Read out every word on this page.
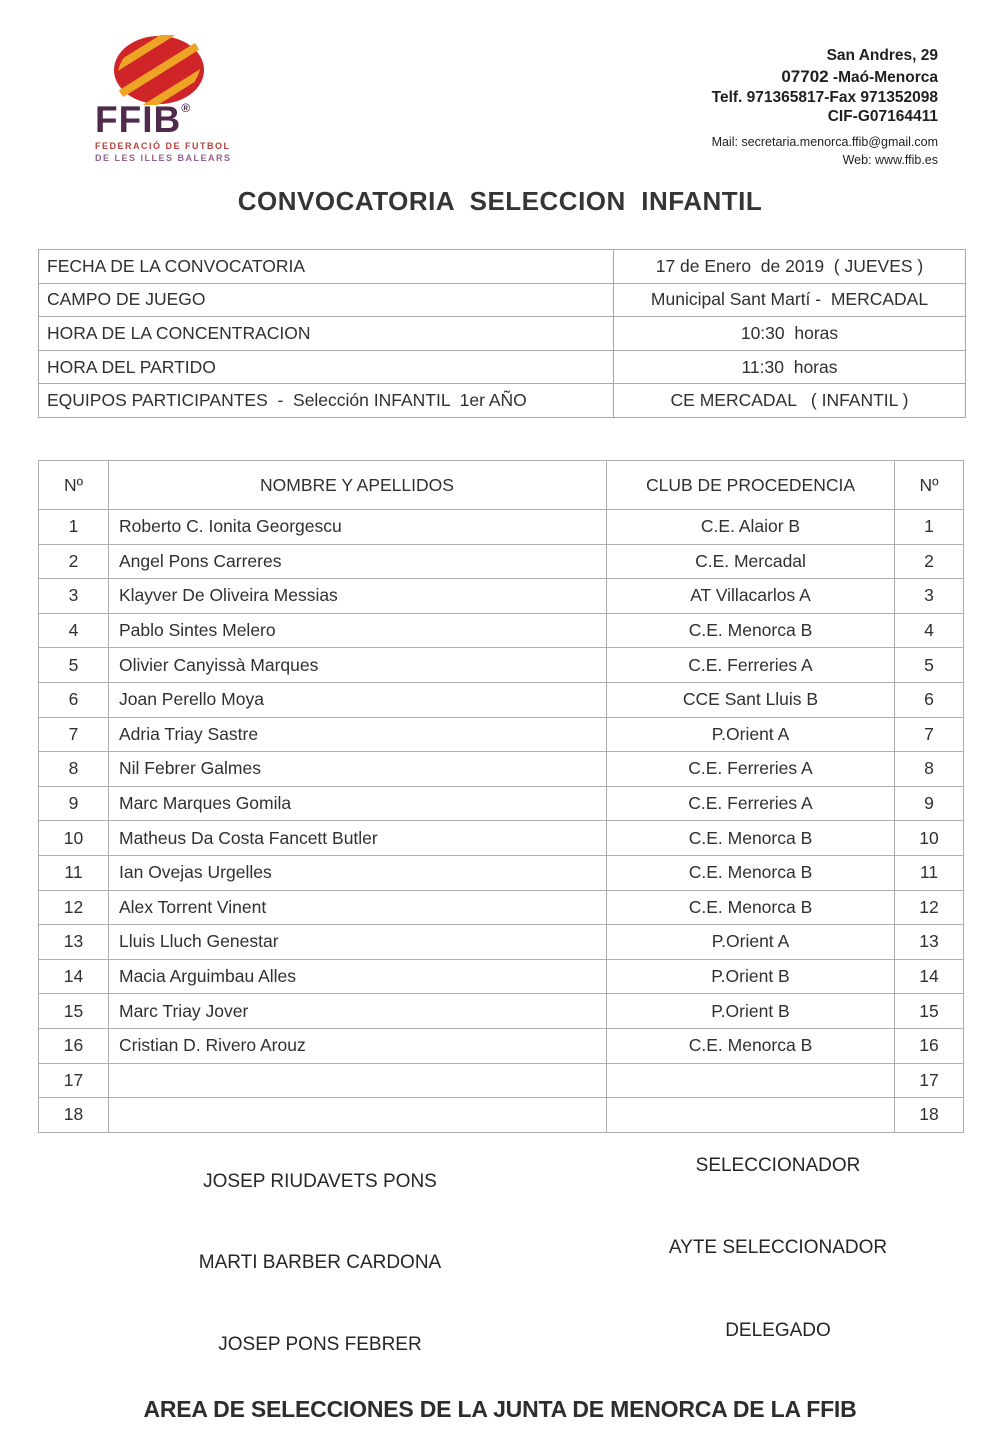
FFIB®
FEDERACIÓ DE FUTBOL
DE LES ILLES BALEARS
San Andres, 29
07702 -Maó-Menorca
Telf. 971365817-Fax 971352098
CIF-G07164411
Mail: secretaria.menorca.ffib@gmail.com
Web: www.ffib.es
CONVOCATORIA  SELECCION  INFANTIL
FECHA DE LA CONVOCATORIA	17 de Enero  de 2019  ( JUEVES )
CAMPO DE JUEGO	Municipal Sant Martí -  MERCADAL
HORA DE LA CONCENTRACION	10:30  horas
HORA DEL PARTIDO	11:30  horas
EQUIPOS PARTICIPANTES  -  Selección INFANTIL  1er AÑO	CE MERCADAL   ( INFANTIL )
Nº	NOMBRE Y APELLIDOS	CLUB DE PROCEDENCIA	Nº
1	Roberto C. Ionita Georgescu	C.E. Alaior B	1
2	Angel Pons Carreres	C.E. Mercadal	2
3	Klayver De Oliveira Messias	AT Villacarlos A	3
4	Pablo Sintes Melero	C.E. Menorca B	4
5	Olivier Canyissà Marques	C.E. Ferreries A	5
6	Joan Perello Moya	CCE Sant Lluis B	6
7	Adria Triay Sastre	P.Orient A	7
8	Nil Febrer Galmes	C.E. Ferreries A	8
9	Marc Marques Gomila	C.E. Ferreries A	9
10	Matheus Da Costa Fancett Butler	C.E. Menorca B	10
11	Ian Ovejas Urgelles	C.E. Menorca B	11
12	Alex Torrent Vinent	C.E. Menorca B	12
13	Lluis Lluch Genestar	P.Orient A	13
14	Macia Arguimbau Alles	P.Orient B	14
15	Marc Triay Jover	P.Orient B	15
16	Cristian D. Rivero Arouz	C.E. Menorca B	16
17			17
18			18
SELECCIONADOR
JOSEP RIUDAVETS PONS
AYTE SELECCIONADOR
MARTI BARBER CARDONA
DELEGADO
JOSEP PONS FEBRER
AREA DE SELECCIONES DE LA JUNTA DE MENORCA DE LA FFIB
